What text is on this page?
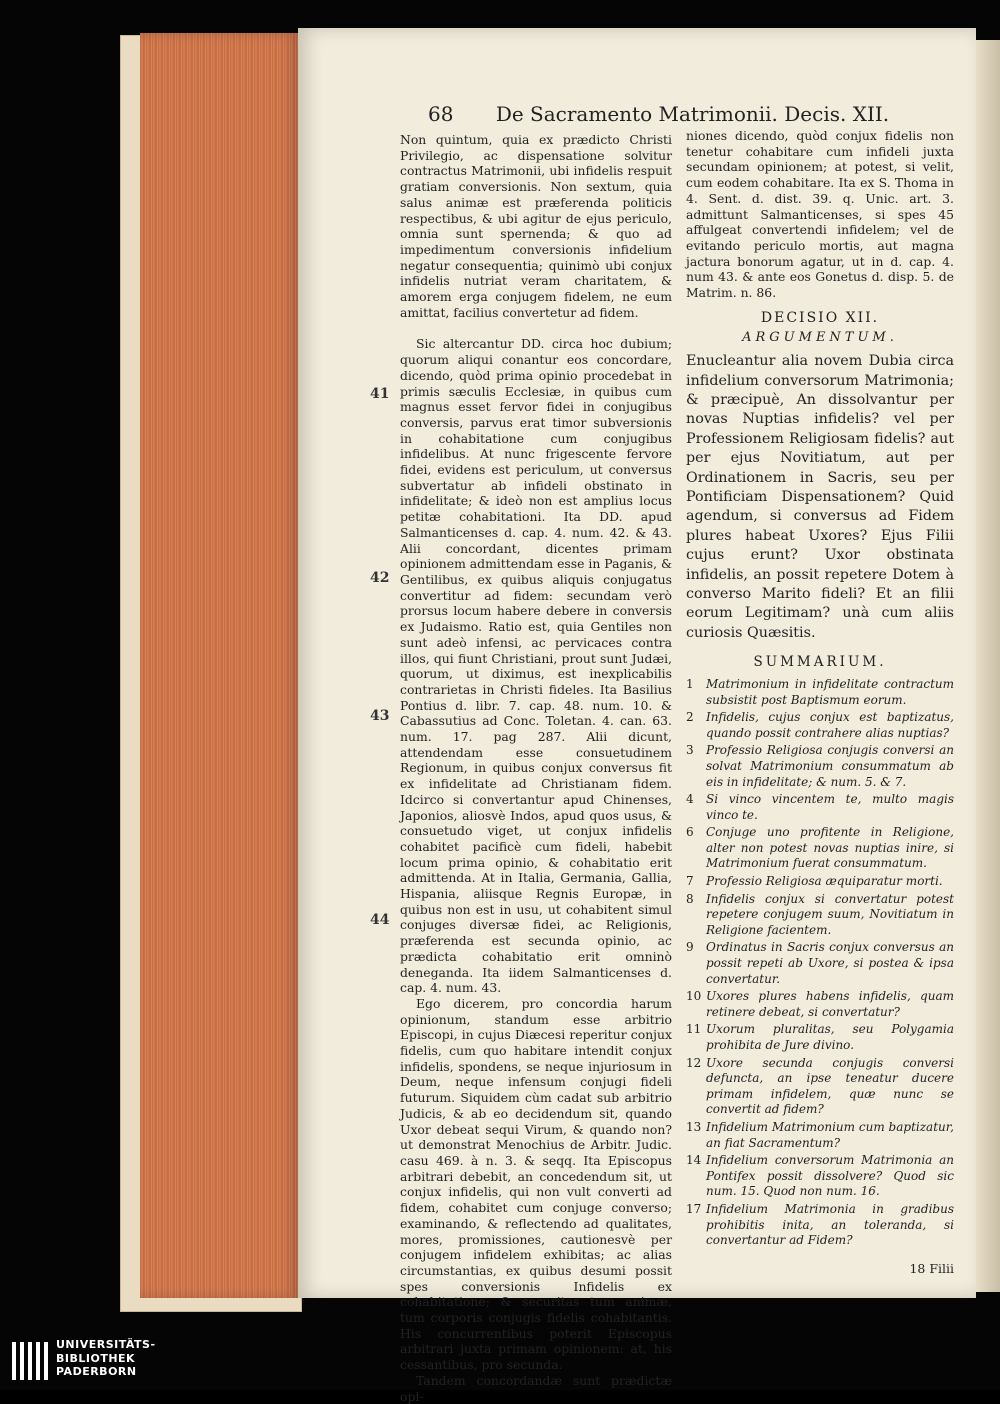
68 De Sacramento Matrimonii. Decis. XII.

Non quintum, quia ex prædicto Christi Privilegio, ac dispensatione solvitur contractus Matrimonii, ubi infidelis respuit gratiam conversionis. Non sextum, quia salus animæ est præferenda politicis respectibus, & ubi agitur de ejus periculo, omnia sunt spernenda; & quo ad impedimentum conversionis infidelium negatur consequentia; quinimò ubi conjux infidelis nutriat veram charitatem, & amorem erga conjugem fidelem, ne eum amittat, facilius convertetur ad fidem.

Sic altercantur DD. circa hoc dubium; quorum aliqui conantur eos concordare, dicendo, quòd prima opinio procedebat in primis sæculis Ecclesiæ, in quibus cum magnus esset fervor fidei in conjugibus conversis, parvus erat timor subversionis in cohabitatione cum conjugibus infidelibus. At nunc frigescente fervore fidei, evidens est periculum, ut conversus subvertatur ab infideli obstinato in infidelitate; & ideò non est amplius locus petitæ cohabitationi. Ita DD. apud Salmanticenses d. cap. 4. num. 42. & 43. Alii concordant, dicentes primam opinionem admittendam esse in Paganis, & Gentilibus, ex quibus aliquis conjugatus convertitur ad fidem: secundam verò prorsus locum habere debere in conversis ex Judaismo. Ratio est, quia Gentiles non sunt adeò infensi, ac pervicaces contra illos, qui fiunt Christiani, prout sunt Judæi, quorum, ut diximus, est inexplicabilis contrarietas in Christi fideles. Ita Basilius Pontius d. libr. 7. cap. 48. num. 10. & Cabassutius ad Conc. Toletan. 4. can. 63. num. 17. pag 287. Alii dicunt, attendendam esse consuetudinem Regionum, in quibus conjux conversus fit ex infidelitate ad Christianam fidem. Idcirco si convertantur apud Chinenses, Japonios, aliosvè Indos, apud quos usus, & consuetudo viget, ut conjux infidelis cohabitet pacificè cum fideli, habebit locum prima opinio, & cohabitatio erit admittenda. At in Italia, Germania, Gallia, Hispania, aliisque Regnis Europæ, in quibus non est in usu, ut cohabitent simul conjuges diversæ fidei, ac Religionis, præferenda est secunda opinio, ac prædicta cohabitatio erit omninò deneganda. Ita iidem Salmanticenses d. cap. 4. num. 43.

Ego dicerem, pro concordia harum opinionum, standum esse arbitrio Episcopi, in cujus Diæcesi reperitur conjux fidelis, cum quo habitare intendit conjux infidelis, spondens, se neque injuriosum in Deum, neque infensum conjugi fideli futurum. Siquidem cùm cadat sub arbitrio Judicis, & ab eo decidendum sit, quando Uxor debeat sequi Virum, & quando non? ut demonstrat Menochius de Arbitr. Judic. casu 469. à n. 3. & seqq. Ita Episcopus arbitrari debebit, an concedendum sit, ut conjux infidelis, qui non vult converti ad fidem, cohabitet cum conjuge converso; examinando, & reflectendo ad qualitates, mores, promissiones, cautionesvè per conjugem infidelem exhibitas; ac alias circumstantias, ex quibus desumi possit spes conversionis Infidelis ex cohabitatione; & securitas tum animæ, tum corporis conjugis fidelis cohabitantis. His concurrentibus poterit Episcopus arbitrari juxta primam opinionem: at, his cessantibus, pro secunda.

Tandem concordandæ sunt prædictæ opi-

41
42
43
44

niones dicendo, quòd conjux fidelis non tenetur cohabitare cum infideli juxta secundam opinionem; at potest, si velit, cum eodem cohabitare. Ita ex S. Thoma in 4. Sent. d. dist. 39. q. Unic. art. 3. admittunt Salmanticenses, si spes 45 affulgeat convertendi infidelem; vel de evitando periculo mortis, aut magna jactura bonorum agatur, ut in d. cap. 4. num 43. & ante eos Gonetus d. disp. 5. de Matrim. n. 86.

DECISIO XII.
ARGUMENTUM.

Enucleantur alia novem Dubia circa infidelium conversorum Matrimonia; & præcipuè, An dissolvantur per novas Nuptias infidelis? vel per Professionem Religiosam fidelis? aut per ejus Novitiatum, aut per Ordinationem in Sacris, seu per Pontificiam Dispensationem? Quid agendum, si conversus ad Fidem plures habeat Uxores? Ejus Filii cujus erunt? Uxor obstinata infidelis, an possit repetere Dotem à converso Marito fideli? Et an filii eorum Legitimam? unà cum aliis curiosis Quæsitis.

SUMMARIUM.
1	Matrimonium in infidelitate contractum subsistit post Baptismum eorum.
2	Infidelis, cujus conjux est baptizatus, quando possit contrahere alias nuptias?
3	Professio Religiosa conjugis conversi an solvat Matrimonium consummatum ab eis in infidelitate; & num. 5. & 7.
4	Si vinco vincentem te, multo magis vinco te.
6	Conjuge uno profitente in Religione, alter non potest novas nuptias inire, si Matrimonium fuerat consummatum.
7	Professio Religiosa æquiparatur morti.
8	Infidelis conjux si convertatur potest repetere conjugem suum, Novitiatum in Religione facientem.
9	Ordinatus in Sacris conjux conversus an possit repeti ab Uxore, si postea & ipsa convertatur.
10 Uxores plures habens infidelis, quam retinere debeat, si convertatur?
11 Uxorum pluralitas, seu Polygamia prohibita de Jure divino.
12 Uxore secunda conjugis conversi defuncta, an ipse teneatur ducere primam infidelem, quæ nunc se convertit ad fidem?
13 Infidelium Matrimonium cum baptizatur, an fiat Sacramentum?
14 Infidelium conversorum Matrimonia an Pontifex possit dissolvere? Quod sic num. 15. Quod non num. 16.
17 Infidelium Matrimonia in gradibus prohibitis inita, an toleranda, si convertantur ad Fidem?
18 Filii
UNIVERSITÄTS-
BIBLIOTHEK
PADERBORN
